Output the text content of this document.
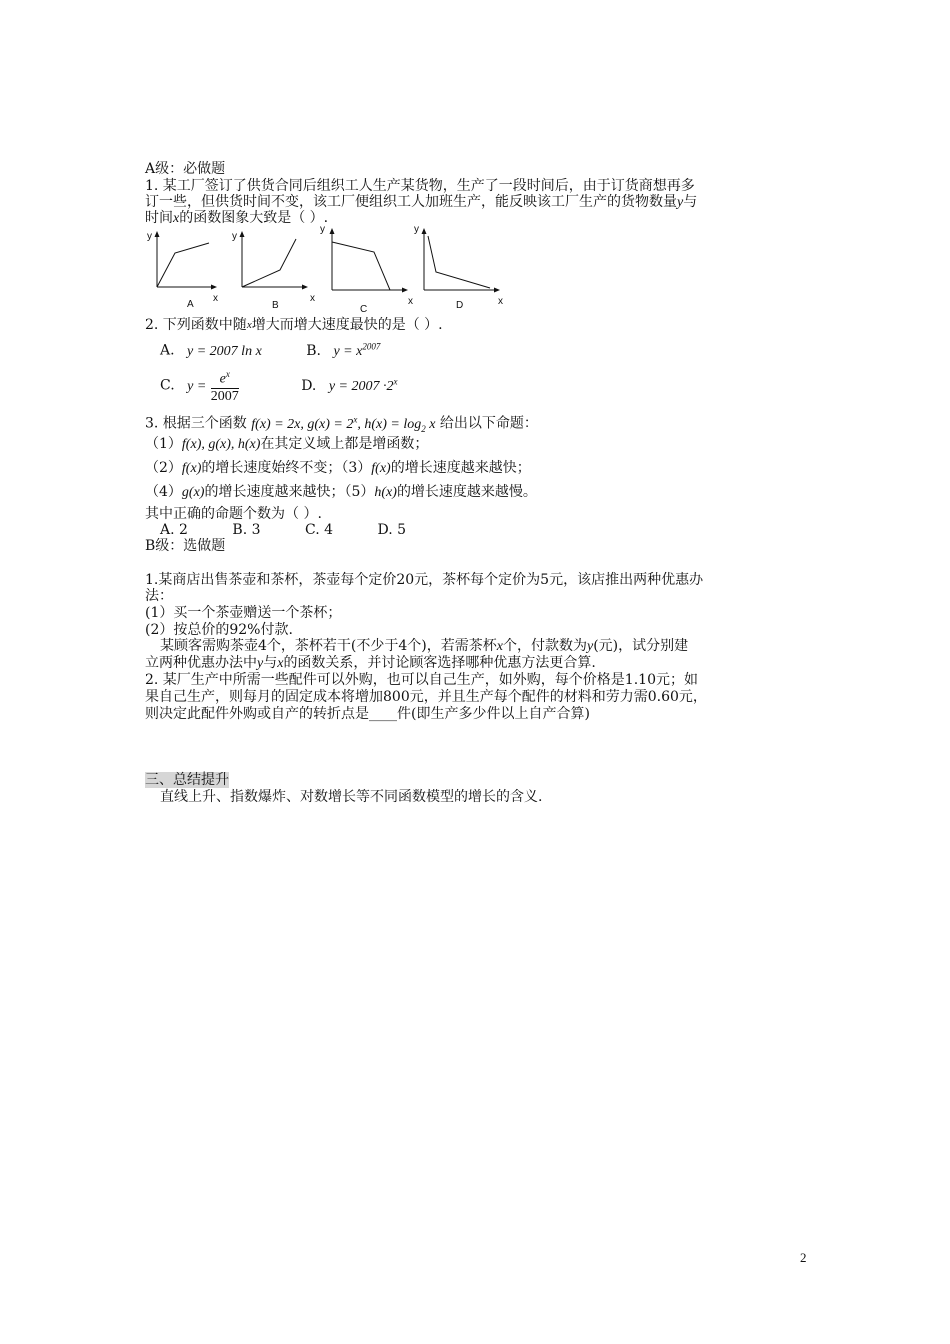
A级：必做题
1. 某工厂签订了供货合同后组织工人生产某货物，生产了一段时间后，由于订货商想再多
订一些，但供货时间不变，该工厂便组织工人加班生产，能反映该工厂生产的货物数量y与
时间x的函数图象大致是（ ）.
y
x
A
y
x
B
y
x
C
y
x
D
2. 下列函数中随$^x$增大而增大速度最快的是（ ）.
A. y = 2007 ln x	B. $y = x^{2007}$
C. $y = \frac{e^x}{2007}$	D. $y = 2007 \cdot 2^x$
3. 根据三个函数 f(x) = 2x, $g(x) = 2^x$, $h(x) = \log_2 x$ 给出以下命题：
（1）f(x), g(x), h(x)在其定义域上都是增函数；
（2）f(x)的增长速度始终不变；（3）f(x)的增长速度越来越快；
（4）g(x)的增长速度越来越快；（5）h(x)的增长速度越来越慢。
其中正确的命题个数为（ ）.
A. 2          B. 3          C. 4          D. 5
B级：选做题
1.某商店出售茶壶和茶杯，茶壶每个定价20元，茶杯每个定价为5元，该店推出两种优惠办
法：
(1）买一个茶壶赠送一个茶杯；
(2）按总价的92%付款.
某顾客需购茶壶4个，茶杯若干(不少于4个)，若需茶杯x个，付款数为y(元)，试分别建
立两种优惠办法中y与x的函数关系，并讨论顾客选择哪种优惠方法更合算.
2. 某厂生产中所需一些配件可以外购，也可以自己生产，如外购，每个价格是1.10元；如
果自己生产，则每月的固定成本将增加800元，并且生产每个配件的材料和劳力需0.60元，
则决定此配件外购或自产的转折点是____件(即生产多少件以上自产合算)
三、总结提升
直线上升、指数爆炸、对数增长等不同函数模型的增长的含义.
2
